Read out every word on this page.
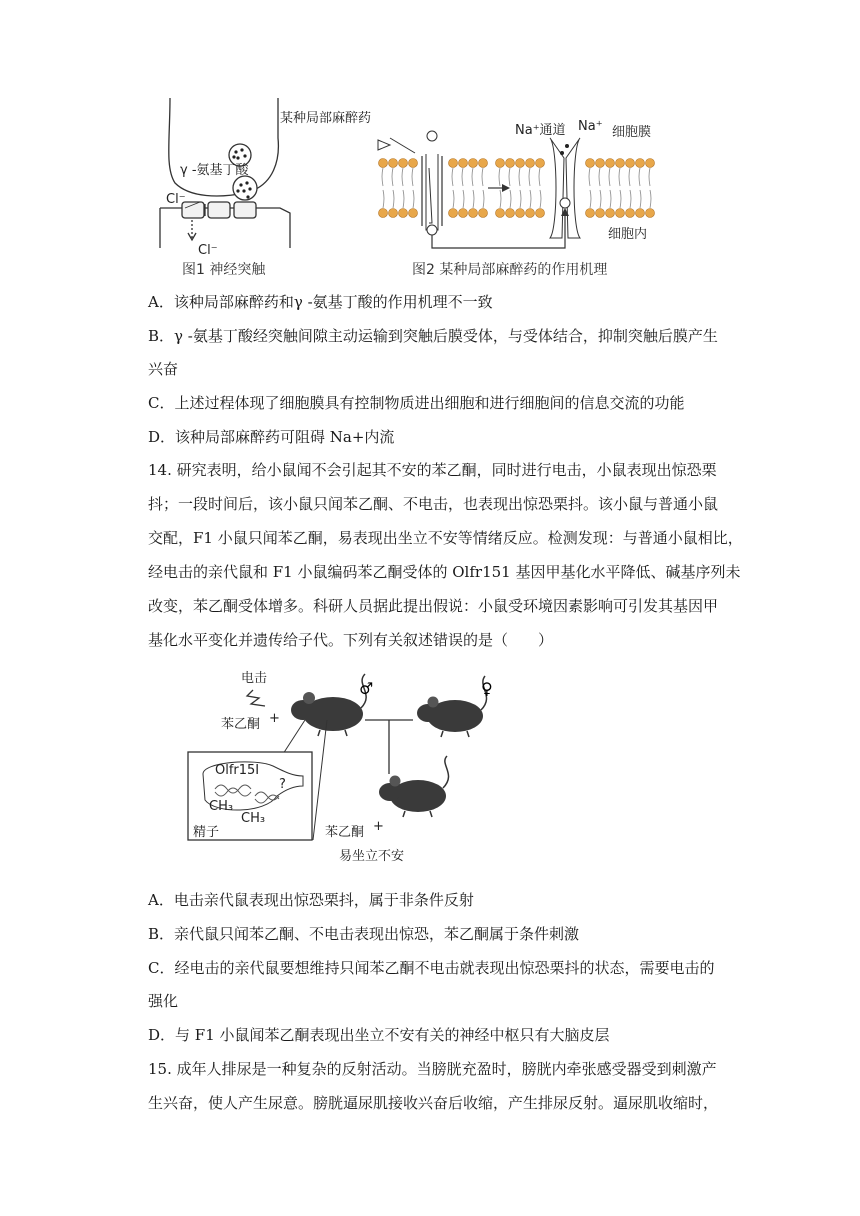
γ -氨基丁酸
Cl⁻
Cl⁻
图1 神经突触
某种局部麻醉药
Na⁺通道 Na⁺ 细胞膜
细胞内
图2 某种局部麻醉药的作用机理
A．该种局部麻醉药和γ -氨基丁酸的作用机理不一致
B．γ -氨基丁酸经突触间隙主动运输到突触后膜受体，与受体结合，抑制突触后膜产生
兴奋
C．上述过程体现了细胞膜具有控制物质进出细胞和进行细胞间的信息交流的功能
D．该种局部麻醉药可阻碍 Na+内流
14. 研究表明，给小鼠闻不会引起其不安的苯乙酮，同时进行电击，小鼠表现出惊恐栗
抖；一段时间后，该小鼠只闻苯乙酮、不电击，也表现出惊恐栗抖。该小鼠与普通小鼠
交配，F1 小鼠只闻苯乙酮，易表现出坐立不安等情绪反应。检测发现：与普通小鼠相比，
经电击的亲代鼠和 F1 小鼠编码苯乙酮受体的 Olfr151 基因甲基化水平降低、碱基序列未
改变，苯乙酮受体增多。科研人员据此提出假说：小鼠受环境因素影响可引发其基因甲
基化水平变化并遗传给子代。下列有关叙述错误的是（　　）
电击
苯乙酮 +
♂	♀
Olfr15I
CH₃
CH₃
?
精子	苯乙酮 +
易坐立不安
A．电击亲代鼠表现出惊恐栗抖，属于非条件反射
B．亲代鼠只闻苯乙酮、不电击表现出惊恐，苯乙酮属于条件刺激
C．经电击的亲代鼠要想维持只闻苯乙酮不电击就表现出惊恐栗抖的状态，需要电击的
强化
D．与 F1 小鼠闻苯乙酮表现出坐立不安有关的神经中枢只有大脑皮层
15. 成年人排尿是一种复杂的反射活动。当膀胱充盈时，膀胱内牵张感受器受到刺激产
生兴奋，使人产生尿意。膀胱逼尿肌接收兴奋后收缩，产生排尿反射。逼尿肌收缩时，
